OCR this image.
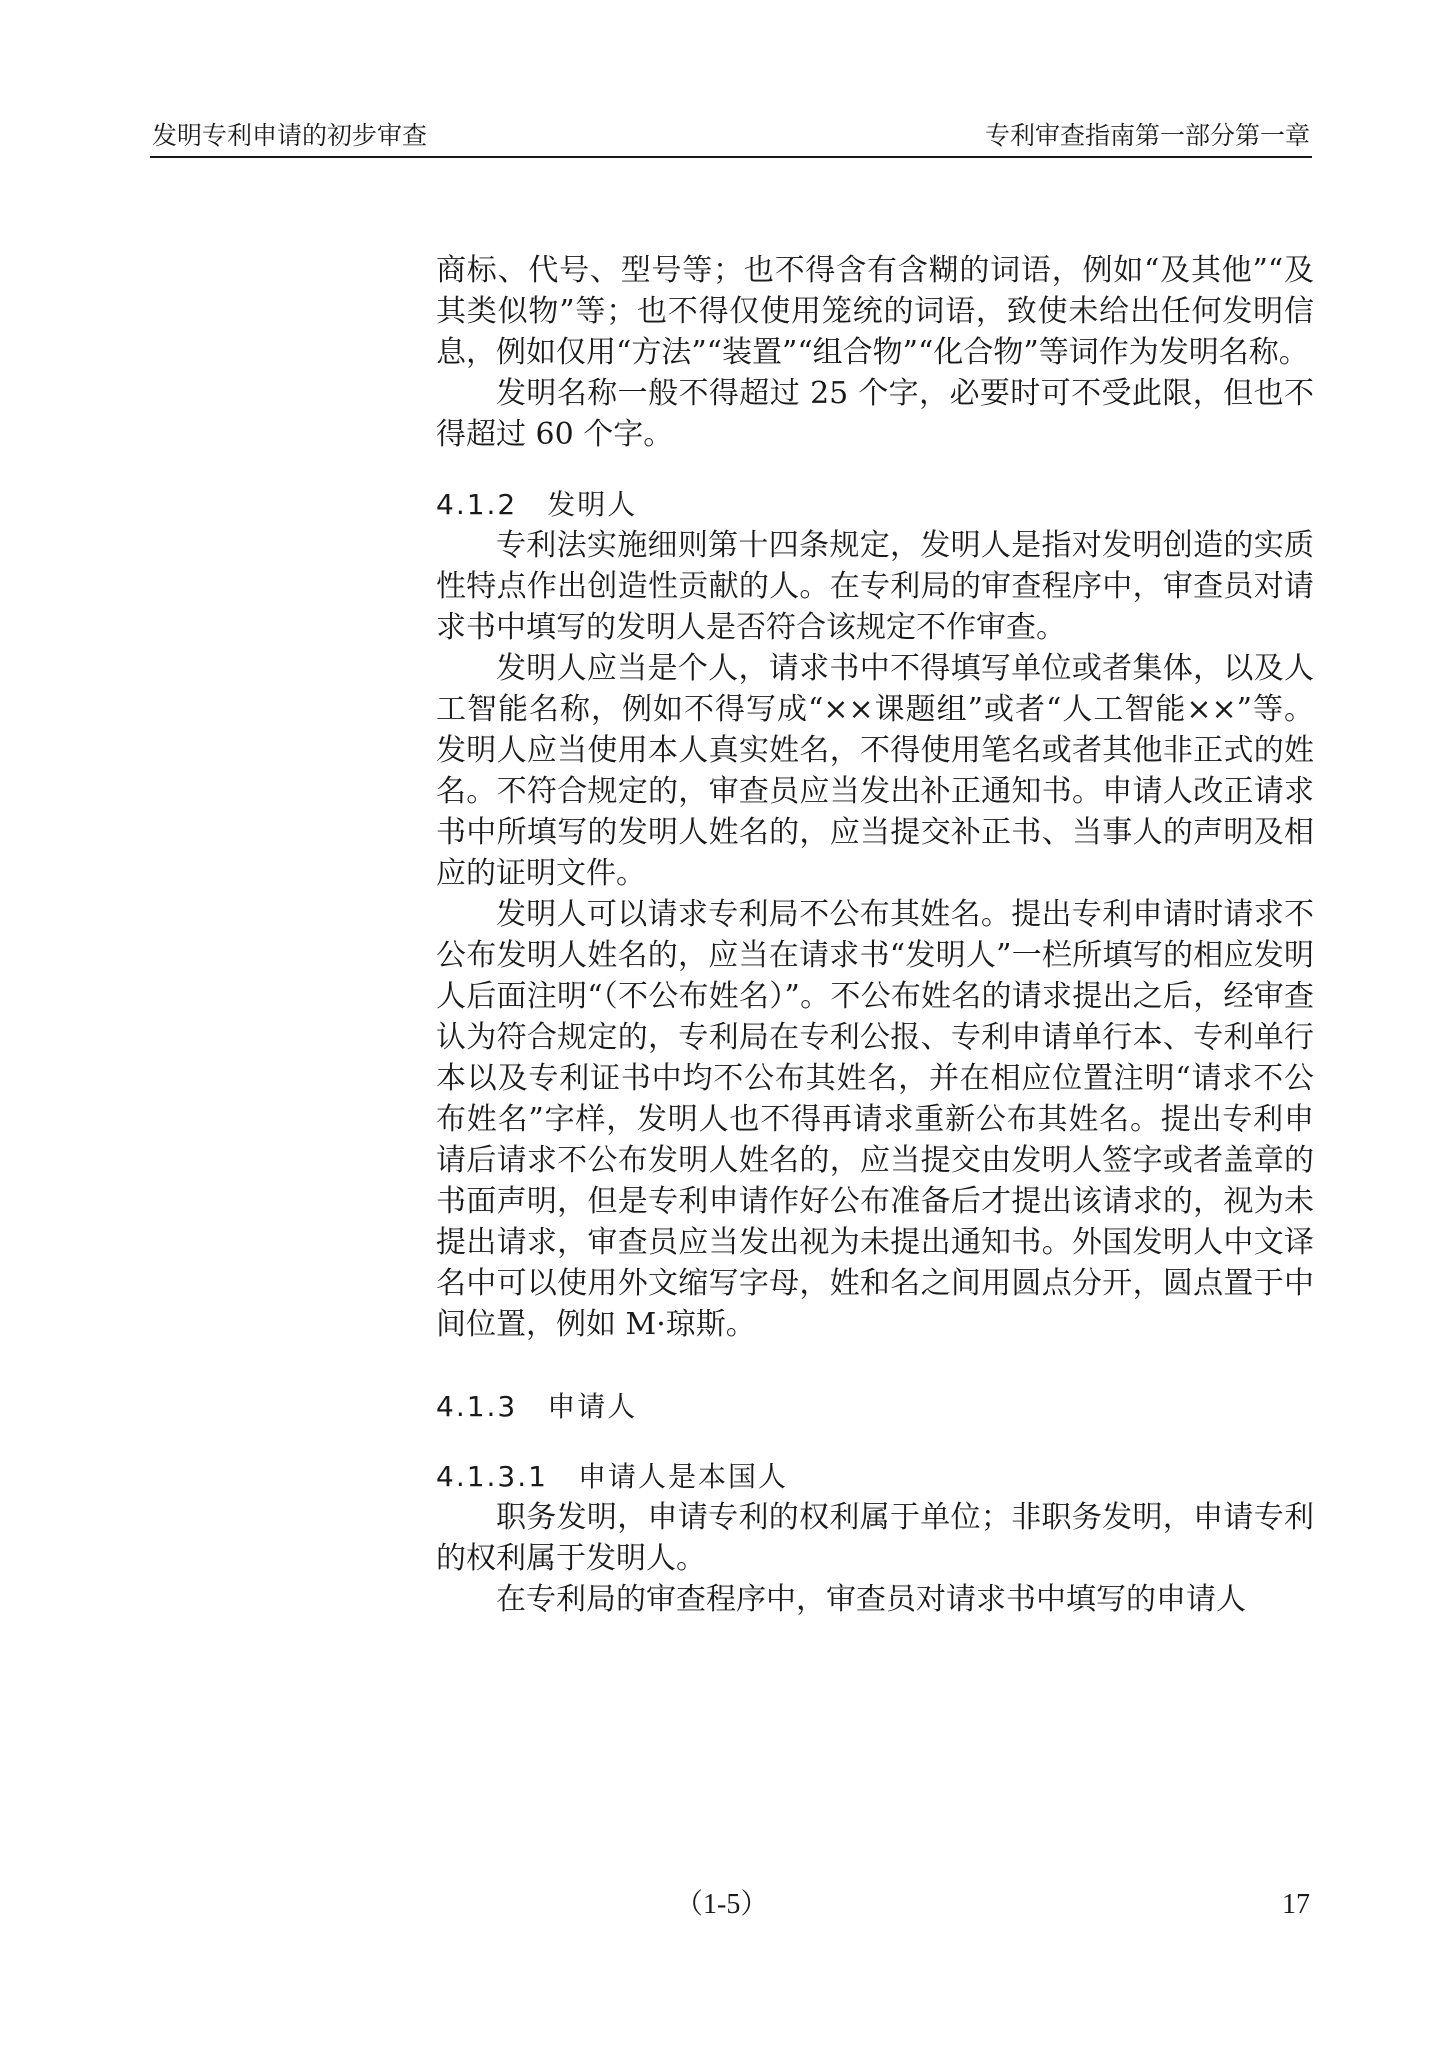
发明专利申请的初步审查	专利审查指南第一部分第一章

商标、代号、型号等；也不得含有含糊的词语，例如“及其他”“及其类似物”等；也不得仅使用笼统的词语，致使未给出任何发明信息，例如仅用“方法”“装置”“组合物”“化合物”等词作为发明名称。

发明名称一般不得超过 25 个字，必要时可不受此限，但也不得超过 60 个字。

4.1.2 发明人

专利法实施细则第十四条规定，发明人是指对发明创造的实质性特点作出创造性贡献的人。在专利局的审查程序中，审查员对请求书中填写的发明人是否符合该规定不作审查。

发明人应当是个人，请求书中不得填写单位或者集体，以及人工智能名称，例如不得写成“××课题组”或者“人工智能××”等。发明人应当使用本人真实姓名，不得使用笔名或者其他非正式的姓名。不符合规定的，审查员应当发出补正通知书。申请人改正请求书中所填写的发明人姓名的，应当提交补正书、当事人的声明及相应的证明文件。

发明人可以请求专利局不公布其姓名。提出专利申请时请求不公布发明人姓名的，应当在请求书“发明人”一栏所填写的相应发明人后面注明“（不公布姓名）”。不公布姓名的请求提出之后，经审查认为符合规定的，专利局在专利公报、专利申请单行本、专利单行本以及专利证书中均不公布其姓名，并在相应位置注明“请求不公布姓名”字样，发明人也不得再请求重新公布其姓名。提出专利申请后请求不公布发明人姓名的，应当提交由发明人签字或者盖章的书面声明，但是专利申请作好公布准备后才提出该请求的，视为未提出请求，审查员应当发出视为未提出通知书。外国发明人中文译名中可以使用外文缩写字母，姓和名之间用圆点分开，圆点置于中间位置，例如 M·琼斯。

4.1.3 申请人
4.1.3.1 申请人是本国人

职务发明，申请专利的权利属于单位；非职务发明，申请专利的权利属于发明人。

在专利局的审查程序中，审查员对请求书中填写的申请人

（1-5）	17
